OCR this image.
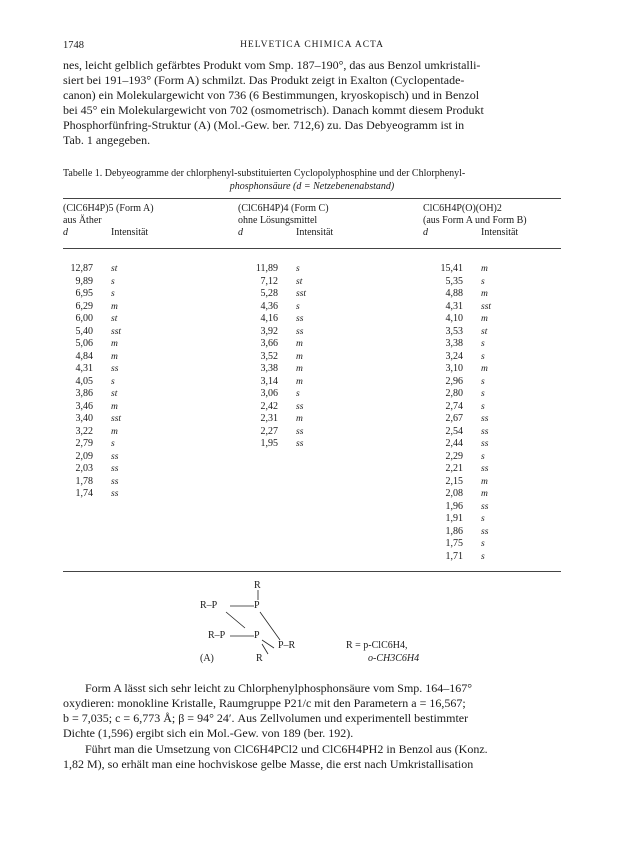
1748	HELVETICA CHIMICA ACTA
nes, leicht gelblich gefärbtes Produkt vom Smp. 187–190°, das aus Benzol umkristalli-
siert bei 191–193° (Form A) schmilzt. Das Produkt zeigt in Exalton (Cyclopentade-
canon) ein Molekulargewicht von 736 (6 Bestimmungen, kryoskopisch) und in Benzol
bei 45° ein Molekulargewicht von 702 (osmometrisch). Danach kommt diesem Produkt
Phosphorfünfring-Struktur (A) (Mol.-Gew. ber. 712,6) zu. Das Debyeogramm ist in
Tab. 1 angegeben.
Tabelle 1. Debyeogramme der chlorphenyl-substituierten Cyclopolyphosphine und der Chlorphenyl-
phosphonsäure (d = Netzebenenabstand)
(ClC6H4P)5 (Form A)
aus Äther
d	Intensität
(ClC6H4P)4 (Form C)
ohne Lösungsmittel
d	Intensität
ClC6H4P(O)(OH)2
(aus Form A und Form B)
d	Intensität
12,87 st
9,89 s
6,95 s
6,29 m
6,00 st
5,40 sst
5,06 m
4,84 m
4,31 ss
4,05 s
3,86 st
3,46 m
3,40 sst
3,22 m
2,79 s
2,09 ss
2,03 ss
1,78 ss
1,74 ss
11,89 s
7,12 st
5,28 sst
4,36 s
4,16 ss
3,92 ss
3,66 m
3,52 m
3,38 m
3,14 m
3,06 s
2,42 ss
2,31 m
2,27 ss
1,95 ss
15,41 m
5,35 s
4,88 m
4,31 sst
4,10 m
3,53 st
3,38 s
3,24 s
3,10 m
2,96 s
2,80 s
2,74 s
2,67 ss
2,54 ss
2,44 ss
2,29 s
2,21 ss
2,15 m
2,08 m
1,96 ss
1,91 s
1,86 ss
1,75 s
1,71 s
R
R–P	P
R–P	P
P–R
R
(A)
R = p-ClC6H4,
o-CH3C6H4
Form A lässt sich sehr leicht zu Chlorphenylphosphonsäure vom Smp. 164–167°
oxydieren: monokline Kristalle, Raumgruppe P21/c mit den Parametern a = 16,567;
b = 7,035; c = 6,773 Å; β = 94° 24′. Aus Zellvolumen und experimentell bestimmter
Dichte (1,596) ergibt sich ein Mol.-Gew. von 189 (ber. 192).
Führt man die Umsetzung von ClC6H4PCl2 und ClC6H4PH2 in Benzol aus (Konz.
1,82 M), so erhält man eine hochviskose gelbe Masse, die erst nach Umkristallisation
